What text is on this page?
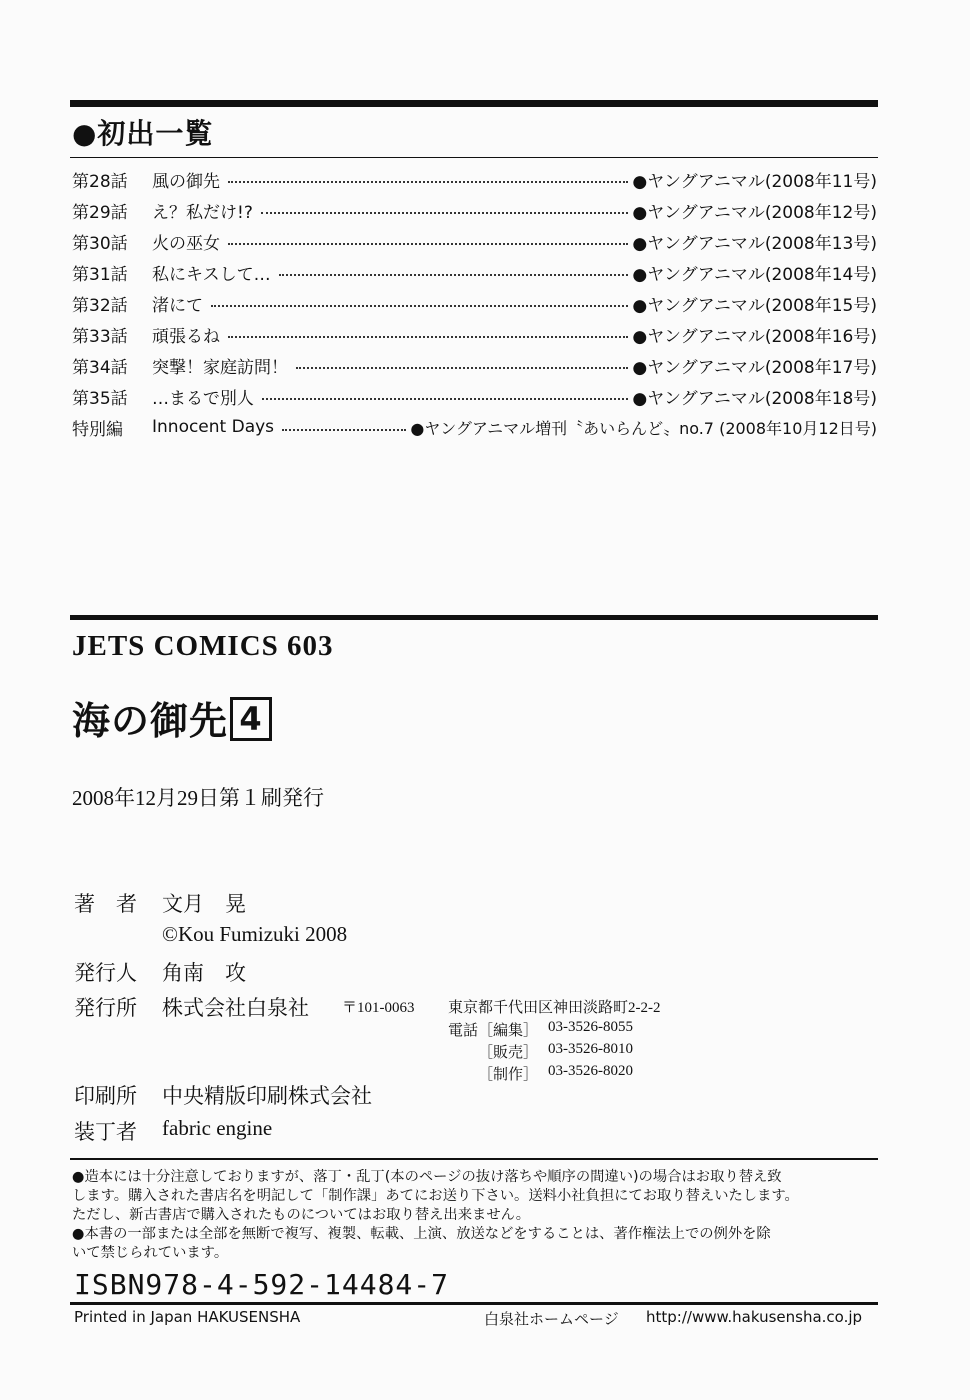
●初出一覧
第28話	風の御先	●ヤングアニマル(2008年11号)
第29話	え？私だけ!?	●ヤングアニマル(2008年12号)
第30話	火の巫女	●ヤングアニマル(2008年13号)
第31話	私にキスして…	●ヤングアニマル(2008年14号)
第32話	渚にて	●ヤングアニマル(2008年15号)
第33話	頑張るね	●ヤングアニマル(2008年16号)
第34話	突撃！家庭訪問！	●ヤングアニマル(2008年17号)
第35話	…まるで別人	●ヤングアニマル(2008年18号)
特別編	Innocent Days	●ヤングアニマル増刊〝あいらんど〟no.7 (2008年10月12日号)
JETS COMICS 603
海の御先 4
2008年12月29日第１刷発行
著　者 文月　晃
©Kou Fumizuki 2008
発行人 角南　攻
発行所 株式会社白泉社 〒101-0063 東京都千代田区神田淡路町2-2-2
電話 ［編集］ 03-3526-8055
［販売］ 03-3526-8010
［制作］ 03-3526-8020
印刷所 中央精版印刷株式会社
装丁者 fabric engine

●造本には十分注意しておりますが、落丁・乱丁(本のページの抜け落ちや順序の間違い)の場合はお取り替え致

します。購入された書店名を明記して「制作課」あてにお送り下さい。送料小社負担にてお取り替えいたします。

ただし、新古書店で購入されたものについてはお取り替え出来ません。

●本書の一部または全部を無断で複写、複製、転載、上演、放送などをすることは、著作権法上での例外を除

いて禁じられています。

ISBN978-4-592-14484-7
Printed in Japan HAKUSENSHA	白泉社ホームページ http://www.hakusensha.co.jp
